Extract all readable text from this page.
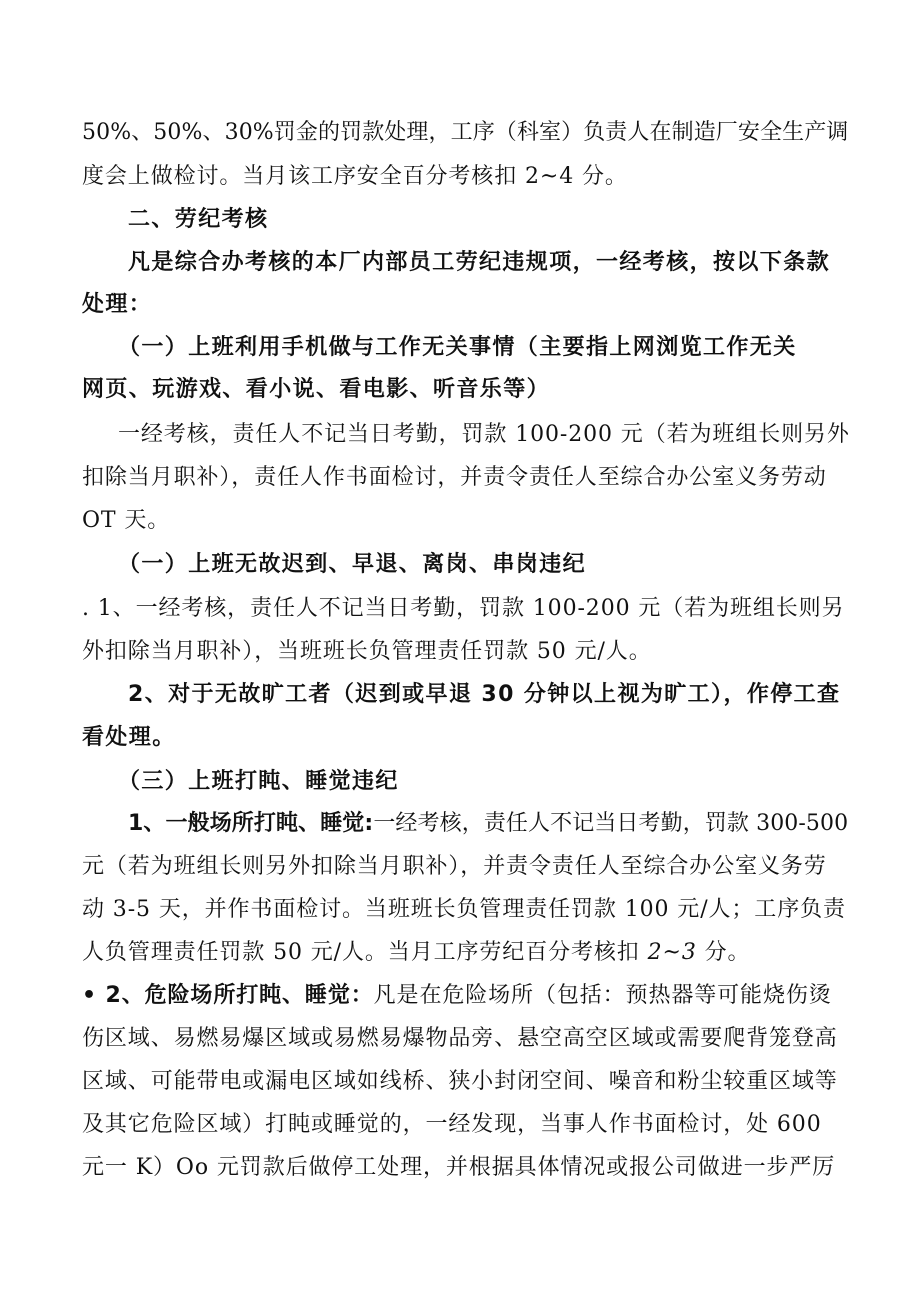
50%、50%、30%罚金的罚款处理，工序（科室）负责人在制造厂安全生产调
度会上做检讨。当月该工序安全百分考核扣 2~4 分。
二、劳纪考核
凡是综合办考核的本厂内部员工劳纪违规项，一经考核，按以下条款
处理：
（一）上班利用手机做与工作无关事情（主要指上网浏览工作无关
网页、玩游戏、看小说、看电影、听音乐等）
一经考核，责任人不记当日考勤，罚款 100-200 元（若为班组长则另外
扣除当月职补），责任人作书面检讨，并责令责任人至综合办公室义务劳动
OT 天。
（一）上班无故迟到、早退、离岗、串岗违纪
. 1、一经考核，责任人不记当日考勤，罚款 100-200 元（若为班组长则另
外扣除当月职补），当班班长负管理责任罚款 50 元/人。
2、对于无故旷工者（迟到或早退 30 分钟以上视为旷工），作停工查
看处理。
（三）上班打盹、睡觉违纪
1、一般场所打盹、睡觉:一经考核，责任人不记当日考勤，罚款 300-500
元（若为班组长则另外扣除当月职补），并责令责任人至综合办公室义务劳
动 3-5 天，并作书面检讨。当班班长负管理责任罚款 100 元/人；工序负责
人负管理责任罚款 50 元/人。当月工序劳纪百分考核扣 2~3 分。
• 2、危险场所打盹、睡觉：凡是在危险场所（包括：预热器等可能烧伤烫
伤区域、易燃易爆区域或易燃易爆物品旁、悬空高空区域或需要爬背笼登高
区域、可能带电或漏电区域如线桥、狭小封闭空间、噪音和粉尘较重区域等
及其它危险区域）打盹或睡觉的，一经发现，当事人作书面检讨，处 600
元一 K）Oo 元罚款后做停工处理，并根据具体情况或报公司做进一步严厉
